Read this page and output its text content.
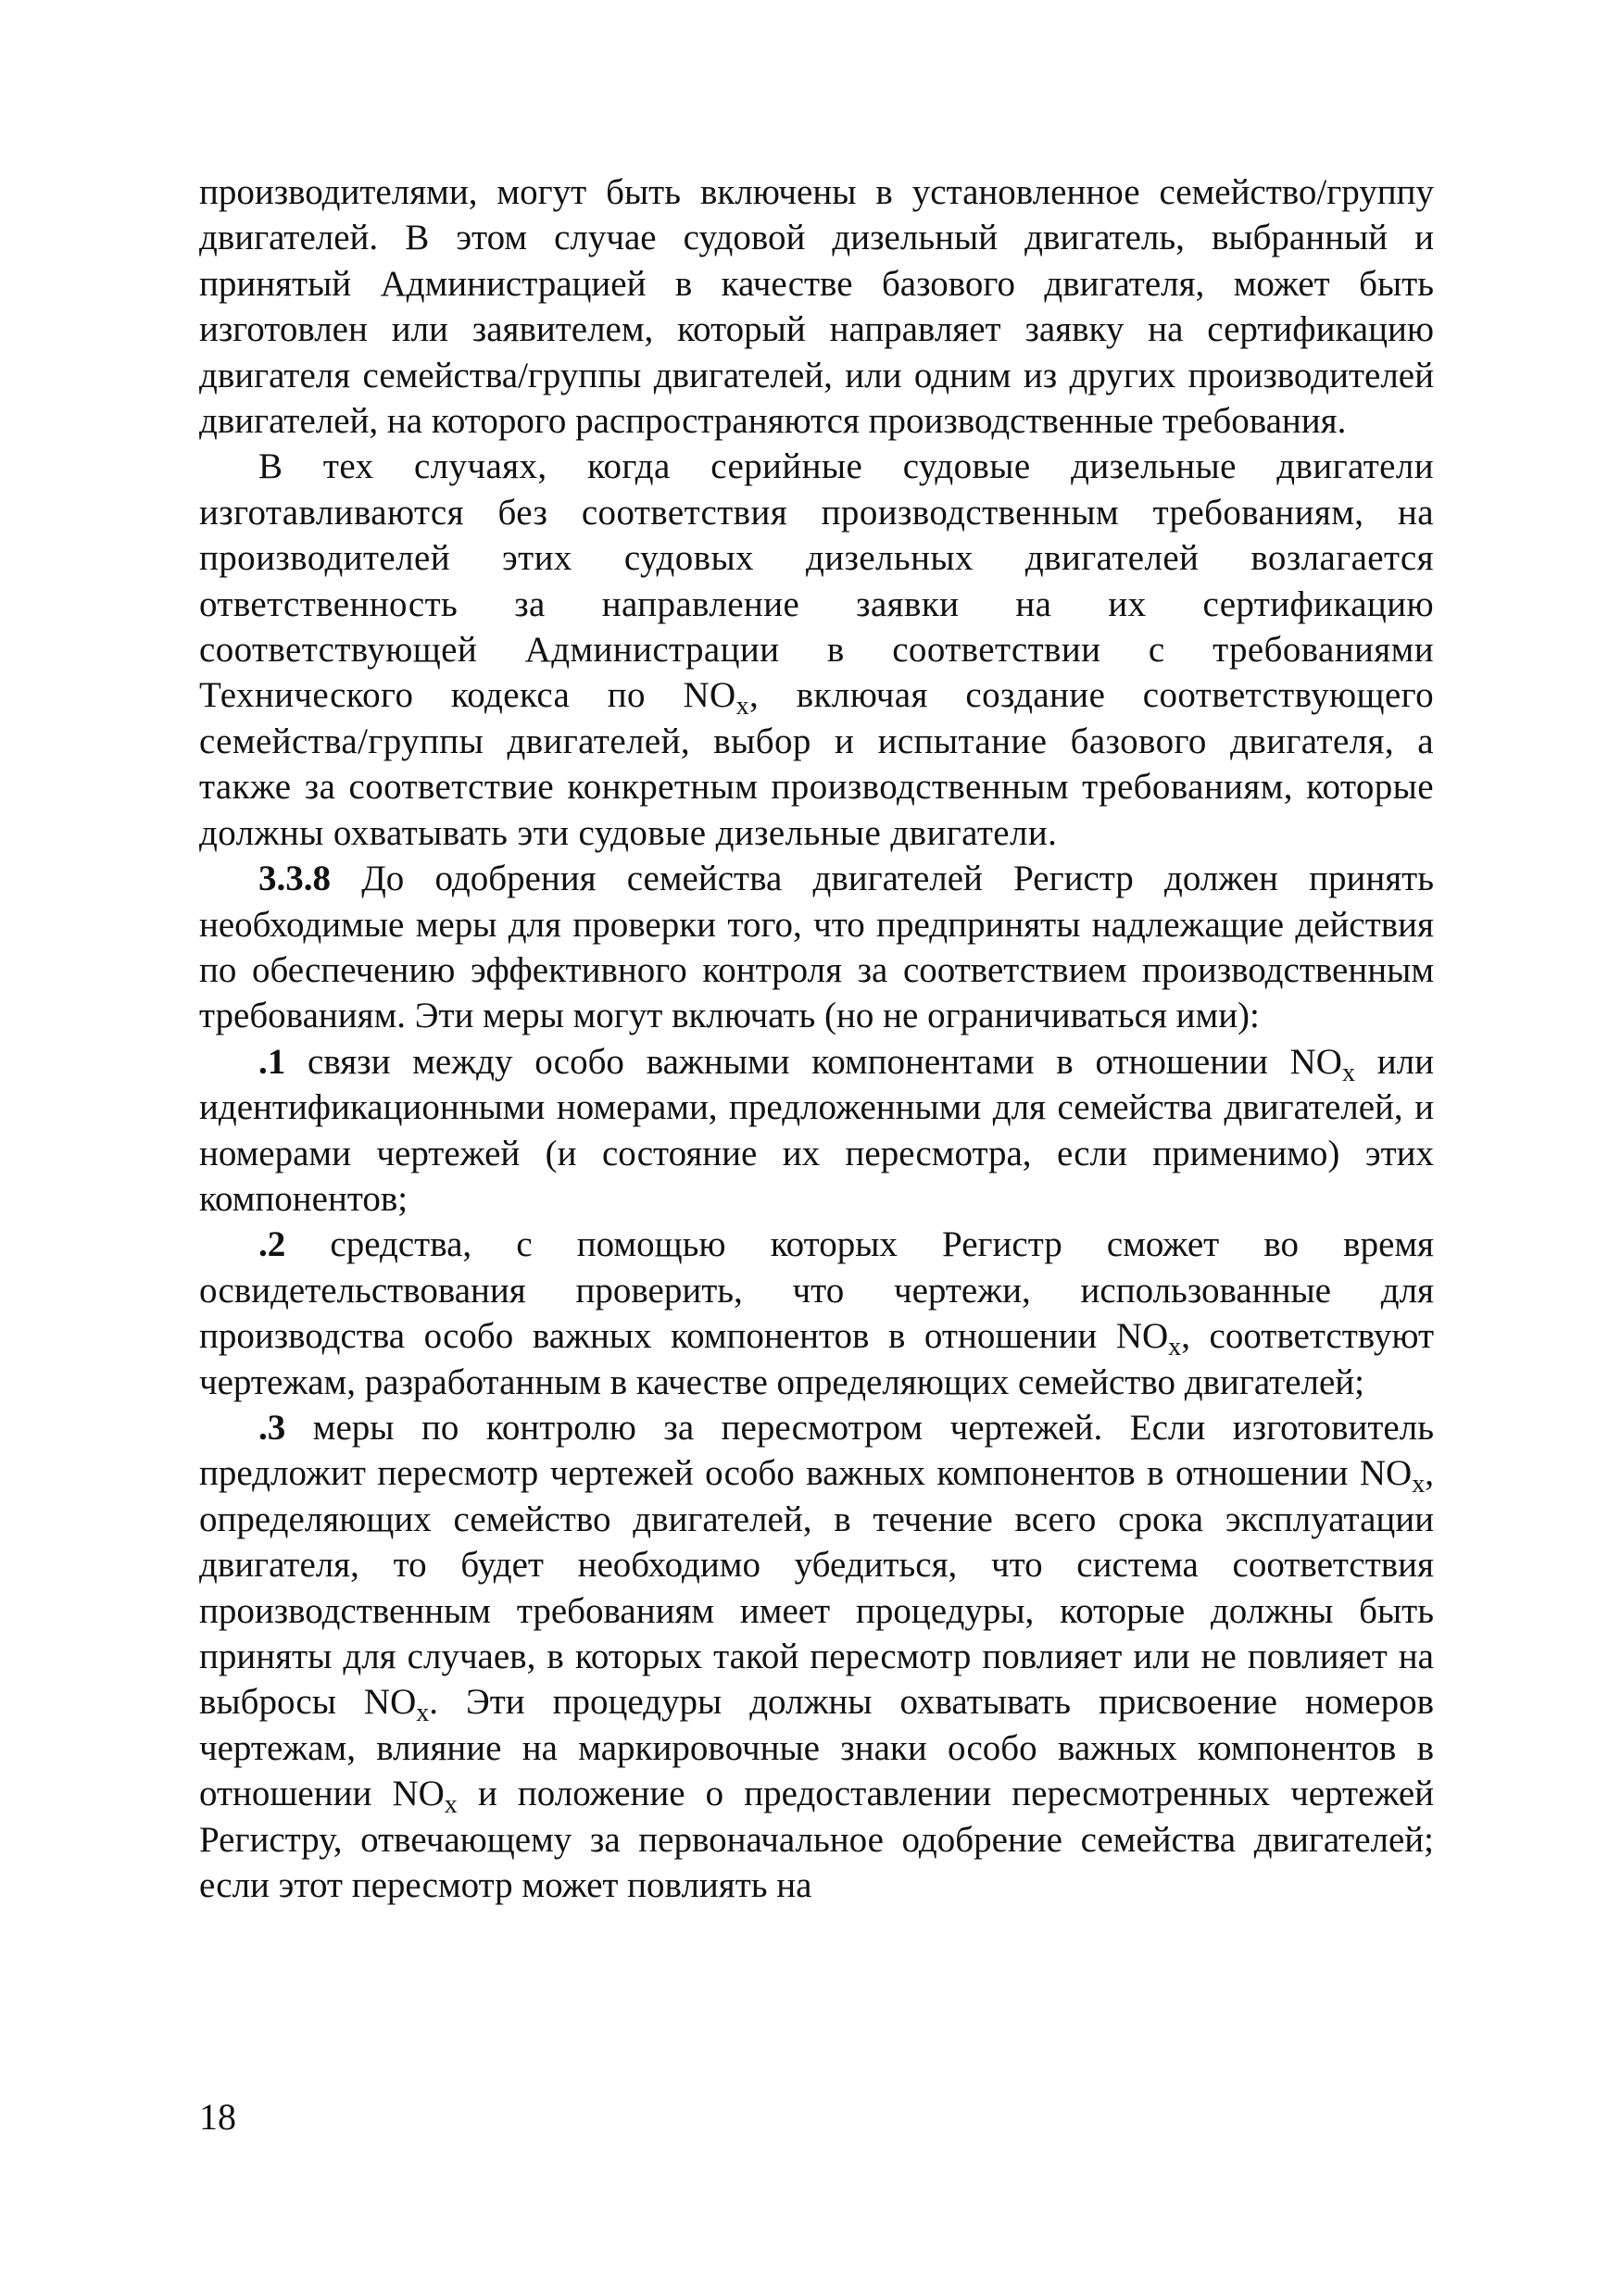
производителями, могут быть включены в установленное семейство/группу двигателей. В этом случае судовой дизельный двигатель, выбранный и принятый Администрацией в качестве базового двигателя, может быть изготовлен или заявителем, который направляет заявку на сертификацию двигателя семейства/группы двигателей, или одним из других производителей двигателей, на которого распространяются производственные требования.

В тех случаях, когда серийные судовые дизельные двигатели изготавливаются без соответствия производственным требованиям, на производителей этих судовых дизельных двигателей возлагается ответственность за направление заявки на их сертификацию соответствующей Администрации в соответствии с требованиями Технического кодекса по $NO_x$, включая создание соответствующего семейства/группы двигателей, выбор и испытание базового двигателя, а также за соответствие конкретным производственным требованиям, которые должны охватывать эти судовые дизельные двигатели.

3.3.8 До одобрения семейства двигателей Регистр должен принять необходимые меры для проверки того, что предприняты надлежащие действия по обеспечению эффективного контроля за соответствием производственным требованиям. Эти меры могут включать (но не ограничиваться ими):

.1 связи между особо важными компонентами в отношении $NO_x$ или идентификационными номерами, предложенными для семейства двигателей, и номерами чертежей (и состояние их пересмотра, если применимо) этих компонентов;

.2 средства, с помощью которых Регистр сможет во время освидетельствования проверить, что чертежи, использованные для производства особо важных компонентов в отношении $NO_x$, соответствуют чертежам, разработанным в качестве определяющих семейство двигателей;

.3 меры по контролю за пересмотром чертежей. Если изготовитель предложит пересмотр чертежей особо важных компонентов в отношении $NO_x$, определяющих семейство двигателей, в течение всего срока эксплуатации двигателя, то будет необходимо убедиться, что система соответствия производственным требованиям имеет процедуры, которые должны быть приняты для случаев, в которых такой пересмотр повлияет или не повлияет на выбросы $NO_x$. Эти процедуры должны охватывать присвоение номеров чертежам, влияние на маркировочные знаки особо важных компонентов в отношении $NO_x$ и положение о предоставлении пересмотренных чертежей Регистру, отвечающему за первоначальное одобрение семейства двигателей; если этот пересмотр может повлиять на

18
